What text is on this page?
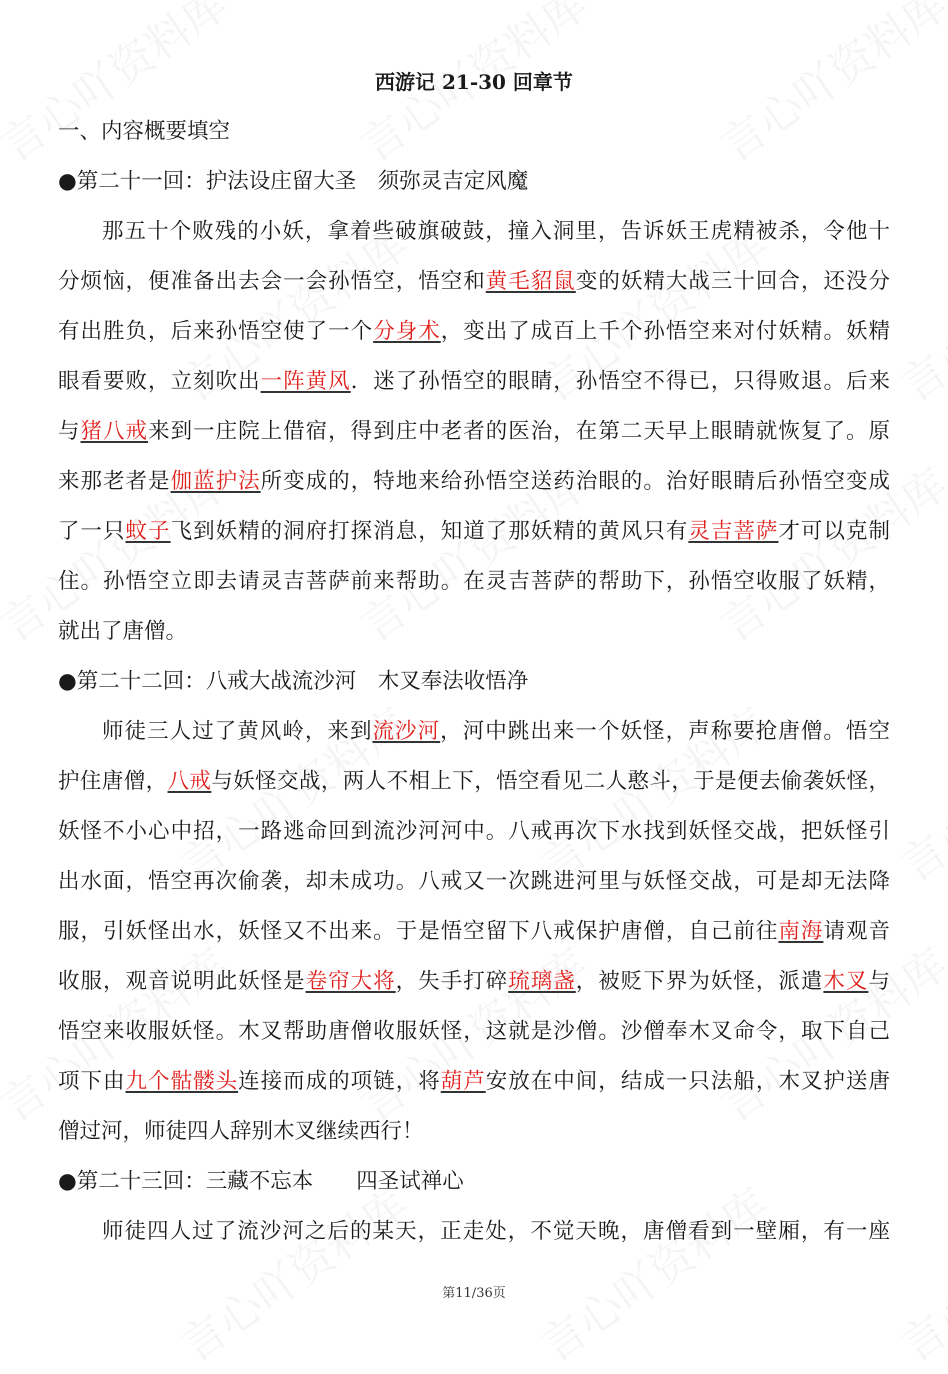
西游记 21-30 回章节
一、内容概要填空
●第二十一回：护法设庄留大圣　须弥灵吉定风魔
那五十个败残的小妖，拿着些破旗破鼓，撞入洞里，告诉妖王虎精被杀，令他十
分烦恼，便准备出去会一会孙悟空，悟空和黄毛貂鼠变的妖精大战三十回合，还没分
有出胜负，后来孙悟空使了一个分身术，变出了成百上千个孙悟空来对付妖精。妖精
眼看要败，立刻吹出一阵黄风．迷了孙悟空的眼睛，孙悟空不得已，只得败退。后来
与猪八戒来到一庄院上借宿，得到庄中老者的医治，在第二天早上眼睛就恢复了。原
来那老者是伽蓝护法所变成的，特地来给孙悟空送药治眼的。治好眼睛后孙悟空变成
了一只蚊子飞到妖精的洞府打探消息，知道了那妖精的黄风只有灵吉菩萨才可以克制
住。孙悟空立即去请灵吉菩萨前来帮助。在灵吉菩萨的帮助下，孙悟空收服了妖精，
就出了唐僧。
●第二十二回：八戒大战流沙河　木叉奉法收悟净
师徒三人过了黄风岭，来到流沙河，河中跳出来一个妖怪，声称要抢唐僧。悟空
护住唐僧，八戒与妖怪交战，两人不相上下，悟空看见二人憨斗，于是便去偷袭妖怪，
妖怪不小心中招，一路逃命回到流沙河河中。八戒再次下水找到妖怪交战，把妖怪引
出水面，悟空再次偷袭，却未成功。八戒又一次跳进河里与妖怪交战，可是却无法降
服，引妖怪出水，妖怪又不出来。于是悟空留下八戒保护唐僧，自己前往南海请观音
收服，观音说明此妖怪是卷帘大将，失手打碎琉璃盏，被贬下界为妖怪，派遣木叉与
悟空来收服妖怪。木叉帮助唐僧收服妖怪，这就是沙僧。沙僧奉木叉命令，取下自己
项下由九个骷髅头连接而成的项链，将葫芦安放在中间，结成一只法船，木叉护送唐
僧过河，师徒四人辞别木叉继续西行！
●第二十三回：三藏不忘本　　四圣试禅心
师徒四人过了流沙河之后的某天，正走处，不觉天晚，唐僧看到一壁厢，有一座
第11/36页
